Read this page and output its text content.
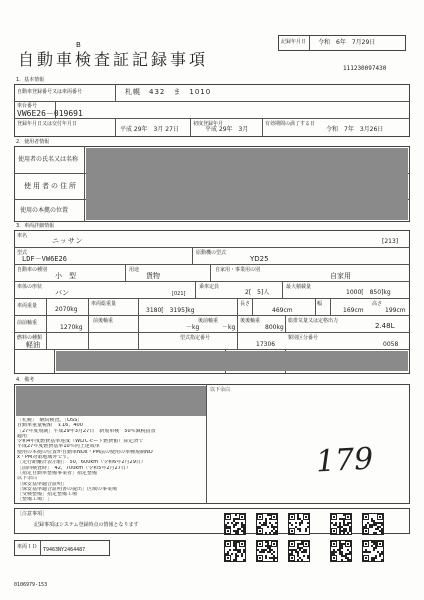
記録年月日 令和　6年　7月29日
111230097430
B
自動車検査証記録事項
1．基本情報
自動車登録番号又は車両番号	札幌　432　ま　1010
車台番号
VW6E26－019691
登録年月日又は交付年月日
平成 29年　3月 27日
初度登録年月
平成 29年　3月
有効期間の満了する日
令和　7年　3月26日
2．使用者情報
使用者の氏名又は名称
使用者の住所
使用の本拠の位置
3．車両詳細情報
車名
ニッサン	[213]
型式
LDF－VW6E26
原動機の型式
YD25
自動車の種別
小　型
用途
貨物
自家用・事業用の別
自家用
車体の形状
バン	[021]
乗車定員
2[　5]人
最大積載量
1000[　850]kg
車両重量	2070kg
車両総重量
3180[　3195]kg
長さ
469cm
幅
169cm
高さ
199cm
前前軸重
1270kg
前後軸重
－kg
後前軸重
－kg
後後軸重
800kg
総排気量又は定格出力
2.48L
燃料の種類
軽油
型式指定番号
17306
類別区分番号
0058
4．備考
以下余白
［札幌］　継続検査。［OSS］
自動車重量税額　￥16，400
［27年度規制］平成29年3月27日　新規車検　50％減税措置
適用
令和4年度燃費基準達成（WLTCモード燃費値）算定済で
平成27年度燃費基準10％向上達成車
使用の本拠の位置が自動車NOx・PM法の使用の車種規制NO
x・PM対策地域外です。
［走行距離計表示値］　50，600km（令和6年2月29日）
［前回検査時］　42，700km（令和5年2月27日）
［指定自動車整備事業者］指定整備
以下余白
［保安基準適合証明］
［保安基準適合証明書の提出］区域の事業場
［受検整備］指定整備工場
［整備工場］［
179
［注意事項］
記録事項はシステム登録時点の情報となります
車両ＩＤ T9463NY2464487
0106979-153
